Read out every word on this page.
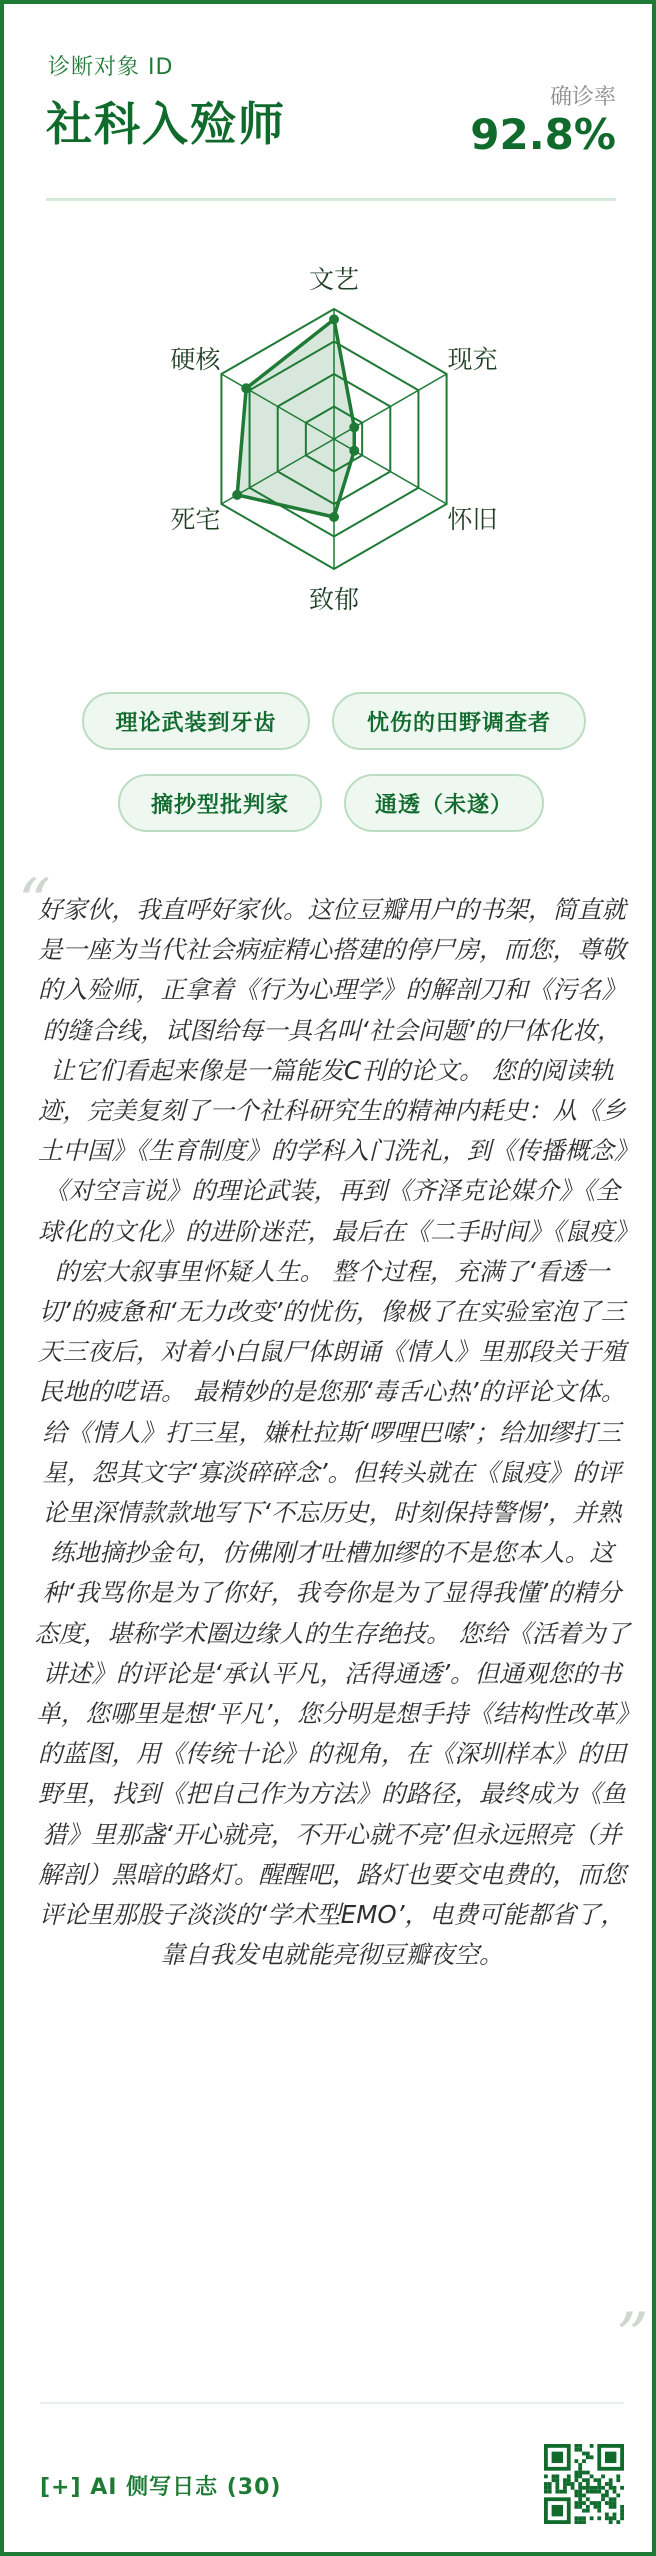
诊断对象 ID
社科入殓师	确诊率
92.8%
文艺
现充
怀旧
致郁
死宅
硬核
理论武装到牙齿	忧伤的田野调查者
摘抄型批判家	通透（未遂）
“
好家伙，我直呼好家伙。这位豆瓣用户的书架，简直就是一座为当代社会病症精心搭建的停尸房，而您，尊敬的入殓师，正拿着《行为心理学》的解剖刀和《污名》的缝合线，试图给每一具名叫‘社会问题’的尸体化妆，让它们看起来像是一篇能发C刊的论文。 您的阅读轨迹，完美复刻了一个社科研究生的精神内耗史：从《乡土中国》《生育制度》的学科入门洗礼，到《传播概念》《对空言说》的理论武装，再到《齐泽克论媒介》《全球化的文化》的进阶迷茫，最后在《二手时间》《鼠疫》的宏大叙事里怀疑人生。 整个过程，充满了‘看透一切’的疲惫和‘无力改变’的忧伤，像极了在实验室泡了三天三夜后，对着小白鼠尸体朗诵《情人》里那段关于殖民地的呓语。 最精妙的是您那‘毒舌心热’的评论文体。给《情人》打三星，嫌杜拉斯‘啰哩巴嗦’；给加缪打三星，怨其文字‘寡淡碎碎念’。但转头就在《鼠疫》的评论里深情款款地写下‘不忘历史，时刻保持警惕’，并熟练地摘抄金句，仿佛刚才吐槽加缪的不是您本人。这种‘我骂你是为了你好，我夸你是为了显得我懂’的精分态度，堪称学术圈边缘人的生存绝技。 您给《活着为了讲述》的评论是‘承认平凡，活得通透’。但通观您的书单，您哪里是想‘平凡’，您分明是想手持《结构性改革》的蓝图，用《传统十论》的视角，在《深圳样本》的田野里，找到《把自己作为方法》的路径，最终成为《鱼猎》里那盏‘开心就亮，不开心就不亮’但永远照亮（并解剖）黑暗的路灯。醒醒吧，路灯也要交电费的，而您评论里那股子淡淡的‘学术型EMO’，电费可能都省了，靠自我发电就能亮彻豆瓣夜空。
”
[+] AI 侧写日志 (30)
